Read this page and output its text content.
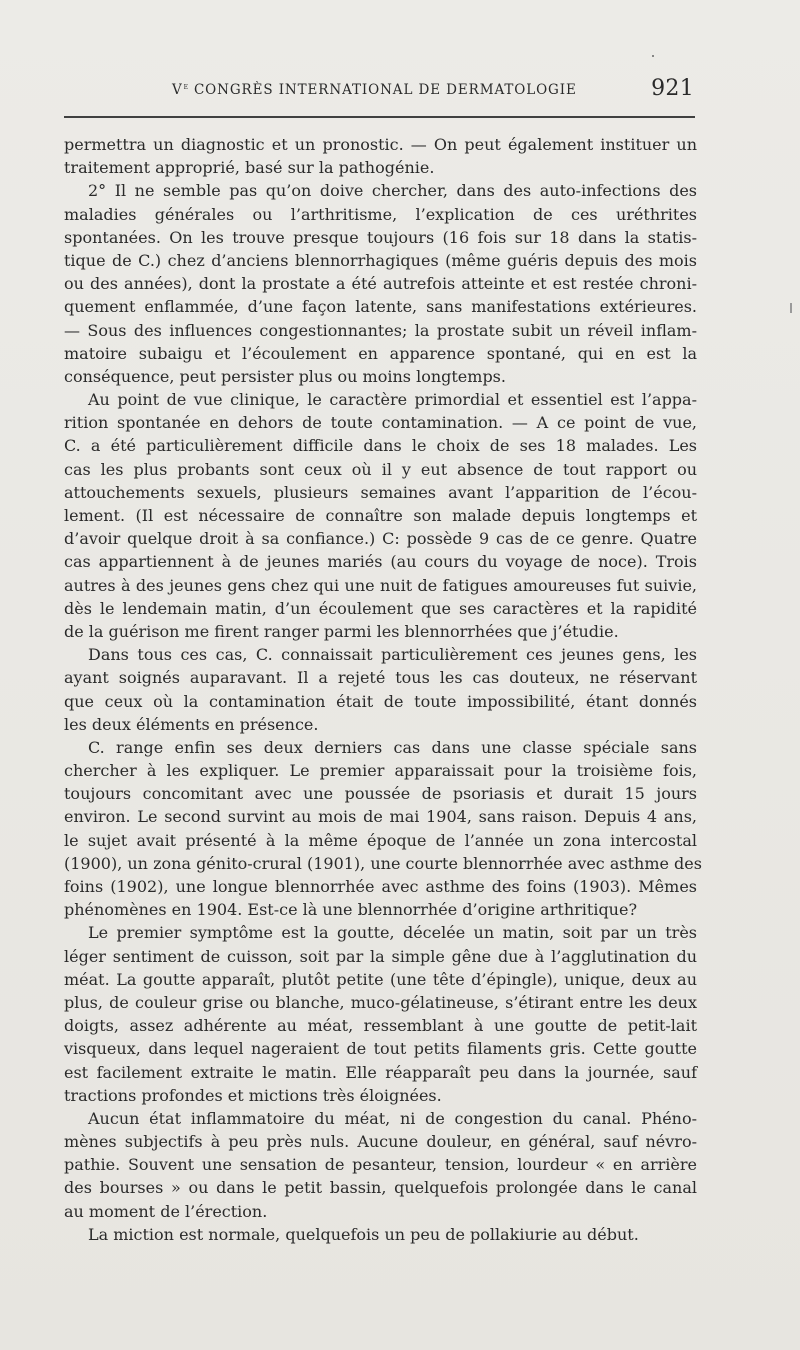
Ve CONGRÈS INTERNATIONAL DE DERMATOLOGIE	921
permettra un diagnostic et un pronostic. — On peut également instituer un
traitement approprié, basé sur la pathogénie.
2° Il ne semble pas qu’on doive chercher, dans des auto-infections des
maladies générales ou l’arthritisme, l’explication de ces uréthrites
spontanées. On les trouve presque toujours (16 fois sur 18 dans la statis-
tique de C.) chez d’anciens blennorrhagiques (même guéris depuis des mois
ou des années), dont la prostate a été autrefois atteinte et est restée chroni-
quement enflammée, d’une façon latente, sans manifestations extérieures.
— Sous des influences congestionnantes; la prostate subit un réveil inflam-
matoire subaigu et l’écoulement en apparence spontané, qui en est la
conséquence, peut persister plus ou moins longtemps.
Au point de vue clinique, le caractère primordial et essentiel est l’appa-
rition spontanée en dehors de toute contamination. — A ce point de vue,
C. a été particulièrement difficile dans le choix de ses 18 malades. Les
cas les plus probants sont ceux où il y eut absence de tout rapport ou
attouchements sexuels, plusieurs semaines avant l’apparition de l’écou-
lement. (Il est nécessaire de connaître son malade depuis longtemps et
d’avoir quelque droit à sa confiance.) C: possède 9 cas de ce genre. Quatre
cas appartiennent à de jeunes mariés (au cours du voyage de noce). Trois
autres à des jeunes gens chez qui une nuit de fatigues amoureuses fut suivie,
dès le lendemain matin, d’un écoulement que ses caractères et la rapidité
de la guérison me firent ranger parmi les blennorrhées que j’étudie.
Dans tous ces cas, C. connaissait particulièrement ces jeunes gens, les
ayant soignés auparavant. Il a rejeté tous les cas douteux, ne réservant
que ceux où la contamination était de toute impossibilité, étant donnés
les deux éléments en présence.
C. range enfin ses deux derniers cas dans une classe spéciale sans
chercher à les expliquer. Le premier apparaissait pour la troisième fois,
toujours concomitant avec une poussée de psoriasis et durait 15 jours
environ. Le second survint au mois de mai 1904, sans raison. Depuis 4 ans,
le sujet avait présenté à la même époque de l’année un zona intercostal
(1900), un zona génito-crural (1901), une courte blennorrhée avec asthme des
foins (1902), une longue blennorrhée avec asthme des foins (1903). Mêmes
phénomènes en 1904. Est-ce là une blennorrhée d’origine arthritique?
Le premier symptôme est la goutte, décelée un matin, soit par un très
léger sentiment de cuisson, soit par la simple gêne due à l’agglutination du
méat. La goutte apparaît, plutôt petite (une tête d’épingle), unique, deux au
plus, de couleur grise ou blanche, muco-gélatineuse, s’étirant entre les deux
doigts, assez adhérente au méat, ressemblant à une goutte de petit-lait
visqueux, dans lequel nageraient de tout petits filaments gris. Cette goutte
est facilement extraite le matin. Elle réapparaît peu dans la journée, sauf
tractions profondes et mictions très éloignées.
Aucun état inflammatoire du méat, ni de congestion du canal. Phéno-
mènes subjectifs à peu près nuls. Aucune douleur, en général, sauf névro-
pathie. Souvent une sensation de pesanteur, tension, lourdeur « en arrière
des bourses » ou dans le petit bassin, quelquefois prolongée dans le canal
au moment de l’érection.
La miction est normale, quelquefois un peu de pollakiurie au début.
